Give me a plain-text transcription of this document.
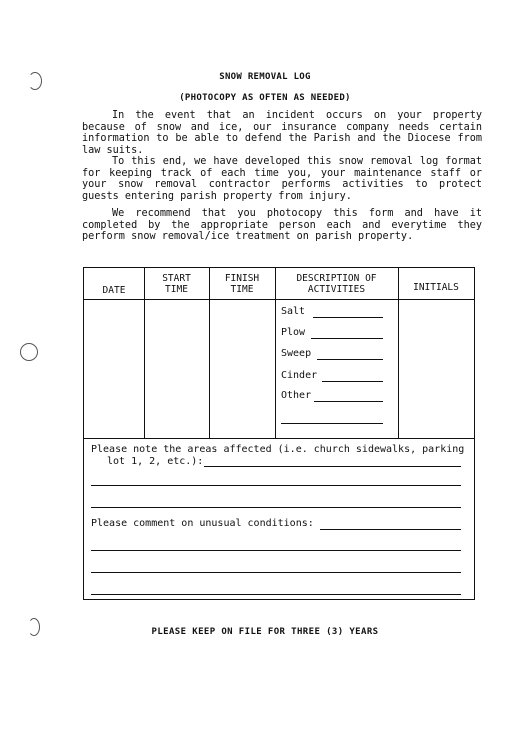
SNOW REMOVAL LOG
(PHOTOCOPY AS OFTEN AS NEEDED)
In the event that an incident occurs on your property because of snow and ice, our insurance company needs certain information to be able to defend the Parish and the Diocese from law suits.
To this end, we have developed this snow removal log format for keeping track of each time you, your maintenance staff or your snow removal contractor performs activities to protect guests entering parish property from injury.
We recommend that you photocopy this form and have it completed by the appropriate person each and everytime they perform snow removal/ice treatment on parish property.
DATE
START
TIME
FINISH
TIME
DESCRIPTION OF
ACTIVITIES	INITIALS
Salt
Plow
Sweep
Cinder
Other
Please note the areas affected (i.e. church sidewalks, parking
lot 1, 2, etc.):
Please comment on unusual conditions:
PLEASE KEEP ON FILE FOR THREE (3) YEARS
